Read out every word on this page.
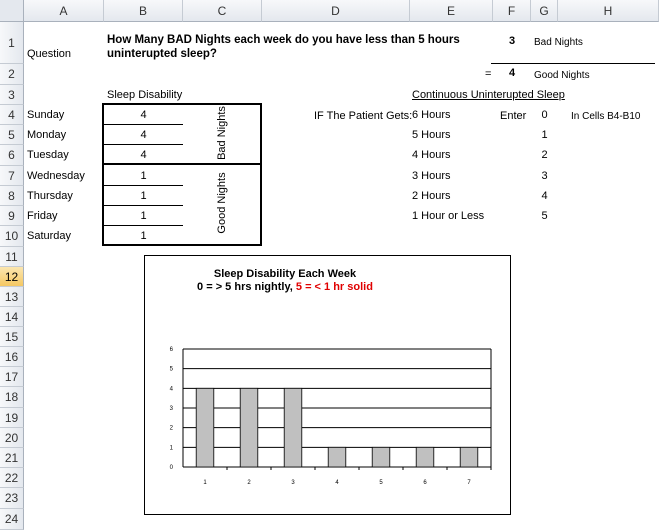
A	B	C	D	E	F	G	H
1
2
3
4
5
6
7
8
9
10
11
12
13
14
15
16
17
18
19
20
21
22
23
24
Question
How Many BAD Nights each week do you have less than 5 hours
uninterupted sleep?
3 Bad Nights
= 4 Good Nights
Sleep Disability	Continuous Uninterupted Sleep
Sunday	4
Monday	4
Tuesday	4
Wednesday	1
Thursday	1
Friday	1
Saturday	1
Bad Nights
Good Nights
IF The Patient Gets:	Enter	In Cells B4-B10
6 Hours	0
5 Hours	1
4 Hours	2
3 Hours	3
2 Hours	4
1 Hour or Less	5
Sleep Disability Each Week
0 = > 5 hrs nightly, 5 = < 1 hr solid
0
1
2
3
4
5
6
1	2	3	4	5	6	7
